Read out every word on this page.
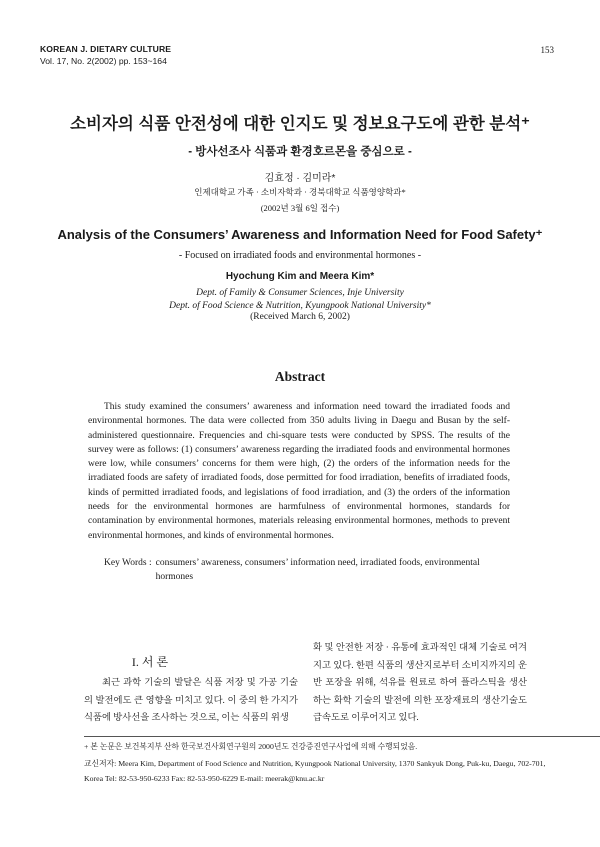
KOREAN J. DIETARY CULTURE
Vol. 17, No. 2(2002) pp. 153~164
153
소비자의 식품 안전성에 대한 인지도 및 정보요구도에 관한 분석⁺
- 방사선조사 식품과 환경호르몬을 중심으로 -
김효정 · 김미라*
인제대학교 가족 · 소비자학과 · 경북대학교 식품영양학과*
(2002년 3월 6일 접수)
Analysis of the Consumers’ Awareness and Information Need for Food Safety⁺
- Focused on irradiated foods and environmental hormones -
Hyochung Kim and Meera Kim*
Dept. of Family & Consumer Sciences, Inje University
Dept. of Food Science & Nutrition, Kyungpook National University*
(Received March 6, 2002)
Abstract
This study examined the consumers’ awareness and information need toward the irradiated foods and environmental hormones. The data were collected from 350 adults living in Daegu and Busan by the self-administered questionnaire. Frequencies and chi-square tests were conducted by SPSS. The results of the survey were as follows: (1) consumers’ awareness regarding the irradiated foods and environmental hormones were low, while consumers’ concerns for them were high, (2) the orders of the information needs for the irradiated foods are safety of irradiated foods, dose permitted for food irradiation, benefits of irradiated foods, kinds of permitted irradiated foods, and legislations of food irradiation, and (3) the orders of the information needs for the environmental hormones are harmfulness of environmental hormones, standards for contamination by environmental hormones, materials releasing environmental hormones, methods to prevent environmental hormones, and kinds of environmental hormones.
Key Words : consumers’ awareness, consumers’ information need, irradiated foods, environmental hormones
I. 서 론
최근 과학 기술의 발달은 식품 저장 및 가공 기술의 발전에도 큰 영향을 미치고 있다. 이 중의 한 가지가 식품에 방사선을 조사하는 것으로, 이는 식품의 위생
화 및 안전한 저장 · 유통에 효과적인 대체 기술로 여겨지고 있다. 한편 식품의 생산지로부터 소비지까지의 운반 포장을 위해, 석유를 원료로 하여 플라스틱을 생산하는 화학 기술의 발전에 의한 포장재료의 생산기술도 급속도로 이루어지고 있다.
+ 본 논문은 보건복지부 산하 한국보건사회연구원의 2000년도 건강증진연구사업에 의해 수행되었음.
교신저자: Meera Kim, Department of Food Science and Nutrition, Kyungpook National University, 1370 Sankyuk Dong, Puk-ku, Daegu, 702-701, Korea Tel: 82-53-950-6233 Fax: 82-53-950-6229 E-mail: meerak@knu.ac.kr
